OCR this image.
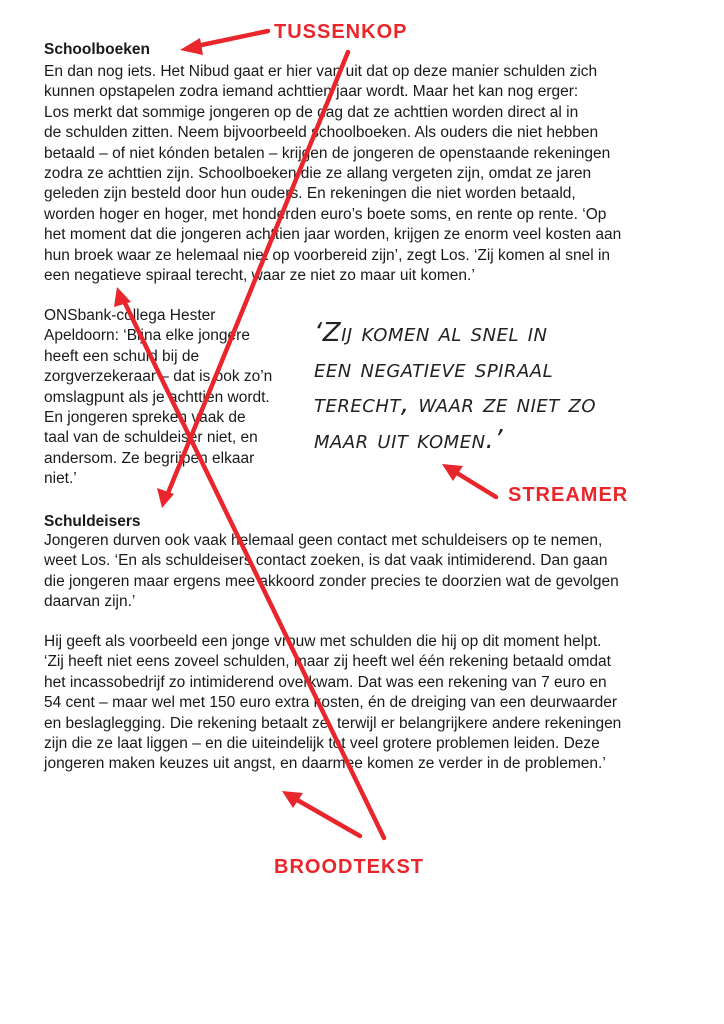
Schoolboeken
En dan nog iets. Het Nibud gaat er hier van uit dat op deze manier schulden zich
kunnen opstapelen zodra iemand achttien jaar wordt. Maar het kan nog erger:
Los merkt dat sommige jongeren op de dag dat ze achttien worden direct al in
de schulden zitten. Neem bijvoorbeeld schoolboeken. Als ouders die niet hebben
betaald – of niet kónden betalen – krijgen de jongeren de openstaande rekeningen
zodra ze achttien zijn. Schoolboeken die ze allang vergeten zijn, omdat ze jaren
geleden zijn besteld door hun ouders. En rekeningen die niet worden betaald,
worden hoger en hoger, met honderden euro’s boete soms, en rente op rente. ‘Op
het moment dat die jongeren achttien jaar worden, krijgen ze enorm veel kosten aan
hun broek waar ze helemaal niet op voorbereid zijn’, zegt Los. ‘Zij komen al snel in
een negatieve spiraal terecht, waar ze niet zo maar uit komen.’
ONSbank-collega Hester
Apeldoorn: ‘Bijna elke jongere
heeft een schuld bij de
zorgverzekeraar – dat is ook zo’n
omslagpunt als je achttien wordt.
En jongeren spreken vaak de
taal van de schuldeiser niet, en
andersom. Ze begrijpen elkaar
niet.’
‘Zij komen al snel in
een negatieve spiraal
terecht, waar ze niet zo
maar uit komen.’
Schuldeisers
Jongeren durven ook vaak helemaal geen contact met schuldeisers op te nemen,
weet Los. ‘En als schuldeisers contact zoeken, is dat vaak intimiderend. Dan gaan
die jongeren maar ergens mee akkoord zonder precies te doorzien wat de gevolgen
daarvan zijn.’
Hij geeft als voorbeeld een jonge vrouw met schulden die hij op dit moment helpt.
‘Zij heeft niet eens zoveel schulden, maar zij heeft wel één rekening betaald omdat
het incassobedrijf zo intimiderend overkwam. Dat was een rekening van 7 euro en
54 cent – maar wel met 150 euro extra kosten, én de dreiging van een deurwaarder
en beslaglegging. Die rekening betaalt ze, terwijl er belangrijkere andere rekeningen
zijn die ze laat liggen – en die uiteindelijk tot veel grotere problemen leiden. Deze
jongeren maken keuzes uit angst, en daarmee komen ze verder in de problemen.’
TUSSENKOP
STREAMER
BROODTEKST
